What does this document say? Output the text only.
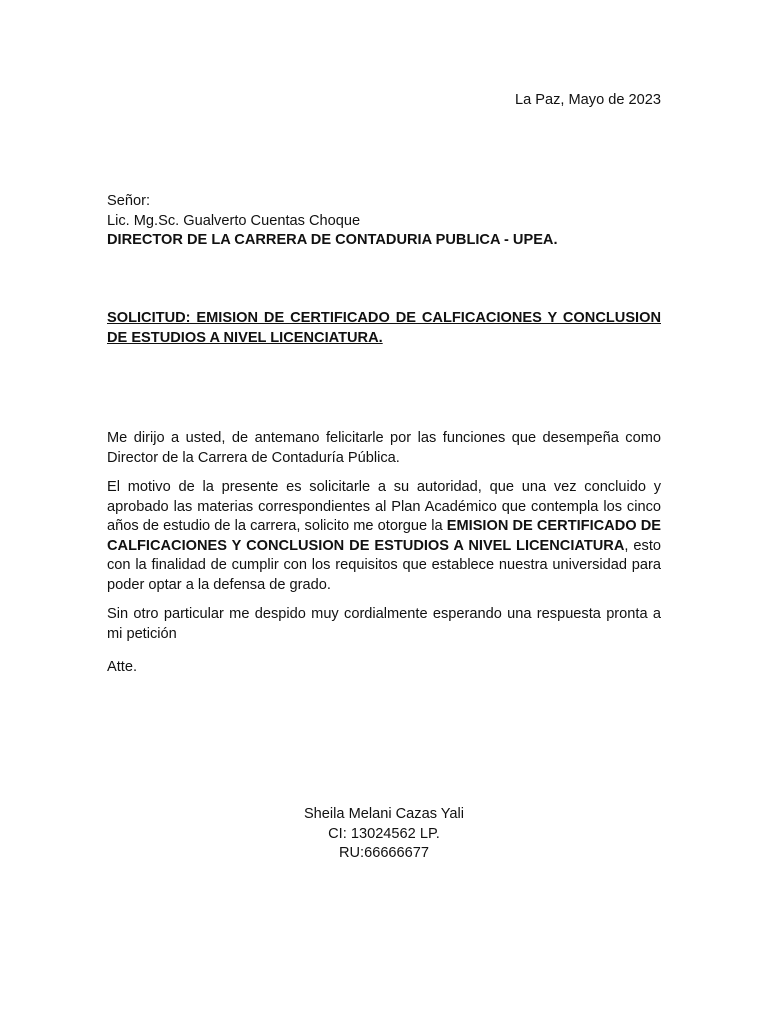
La Paz, Mayo de 2023
Señor:
Lic. Mg.Sc. Gualverto Cuentas Choque
DIRECTOR DE LA CARRERA DE CONTADURIA PUBLICA - UPEA.
SOLICITUD: EMISION DE CERTIFICADO DE CALFICACIONES Y CONCLUSION DE ESTUDIOS A NIVEL LICENCIATURA.

Me dirijo a usted, de antemano felicitarle por las funciones que desempeña como Director de la Carrera de Contaduría Pública.

El motivo de la presente es solicitarle a su autoridad, que una vez concluido y aprobado las materias correspondientes al Plan Académico que contempla los cinco años de estudio de la carrera, solicito me otorgue la EMISION DE CERTIFICADO DE CALFICACIONES Y CONCLUSION DE ESTUDIOS A NIVEL LICENCIATURA, esto con la finalidad de cumplir con los requisitos que establece nuestra universidad para poder optar a la defensa de grado.

Sin otro particular me despido muy cordialmente esperando una respuesta pronta a mi petición

Atte.

Sheila Melani Cazas Yali
CI: 13024562 LP.
RU:66666677
